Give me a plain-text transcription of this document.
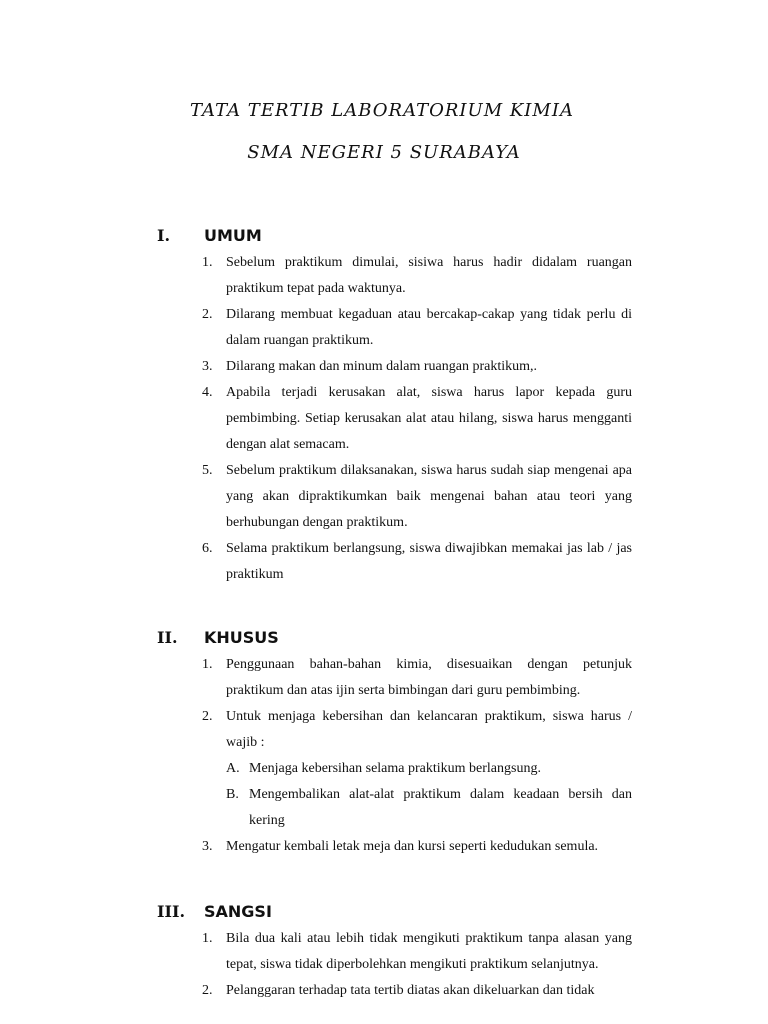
TATA TERTIB LABORATORIUM KIMIA
SMA NEGERI 5 SURABAYA
I. UMUM
1. Sebelum praktikum dimulai, sisiwa harus hadir didalam ruangan praktikum tepat pada waktunya.
2. Dilarang membuat kegaduan atau bercakap-cakap yang tidak perlu di dalam ruangan praktikum.
3. Dilarang makan dan minum dalam ruangan praktikum,.
4. Apabila terjadi kerusakan alat, siswa harus lapor kepada guru pembimbing. Setiap kerusakan alat atau hilang, siswa harus mengganti dengan alat semacam.
5. Sebelum praktikum dilaksanakan, siswa harus sudah siap mengenai apa yang akan dipraktikumkan baik mengenai bahan atau teori yang berhubungan dengan praktikum.
6. Selama praktikum berlangsung, siswa diwajibkan memakai jas lab / jas praktikum
II. KHUSUS
1. Penggunaan bahan-bahan kimia, disesuaikan dengan petunjuk praktikum dan atas ijin serta bimbingan dari guru pembimbing.
2. Untuk menjaga kebersihan dan kelancaran praktikum, siswa harus / wajib :
A. Menjaga kebersihan selama praktikum berlangsung.
B. Mengembalikan alat-alat praktikum dalam keadaan bersih dan kering
3. Mengatur kembali letak meja dan kursi seperti kedudukan semula.
III. SANGSI
1. Bila dua kali atau lebih tidak mengikuti praktikum tanpa alasan yang tepat, siswa tidak diperbolehkan mengikuti praktikum selanjutnya.
2. Pelanggaran terhadap tata tertib diatas akan dikeluarkan dan tidak
